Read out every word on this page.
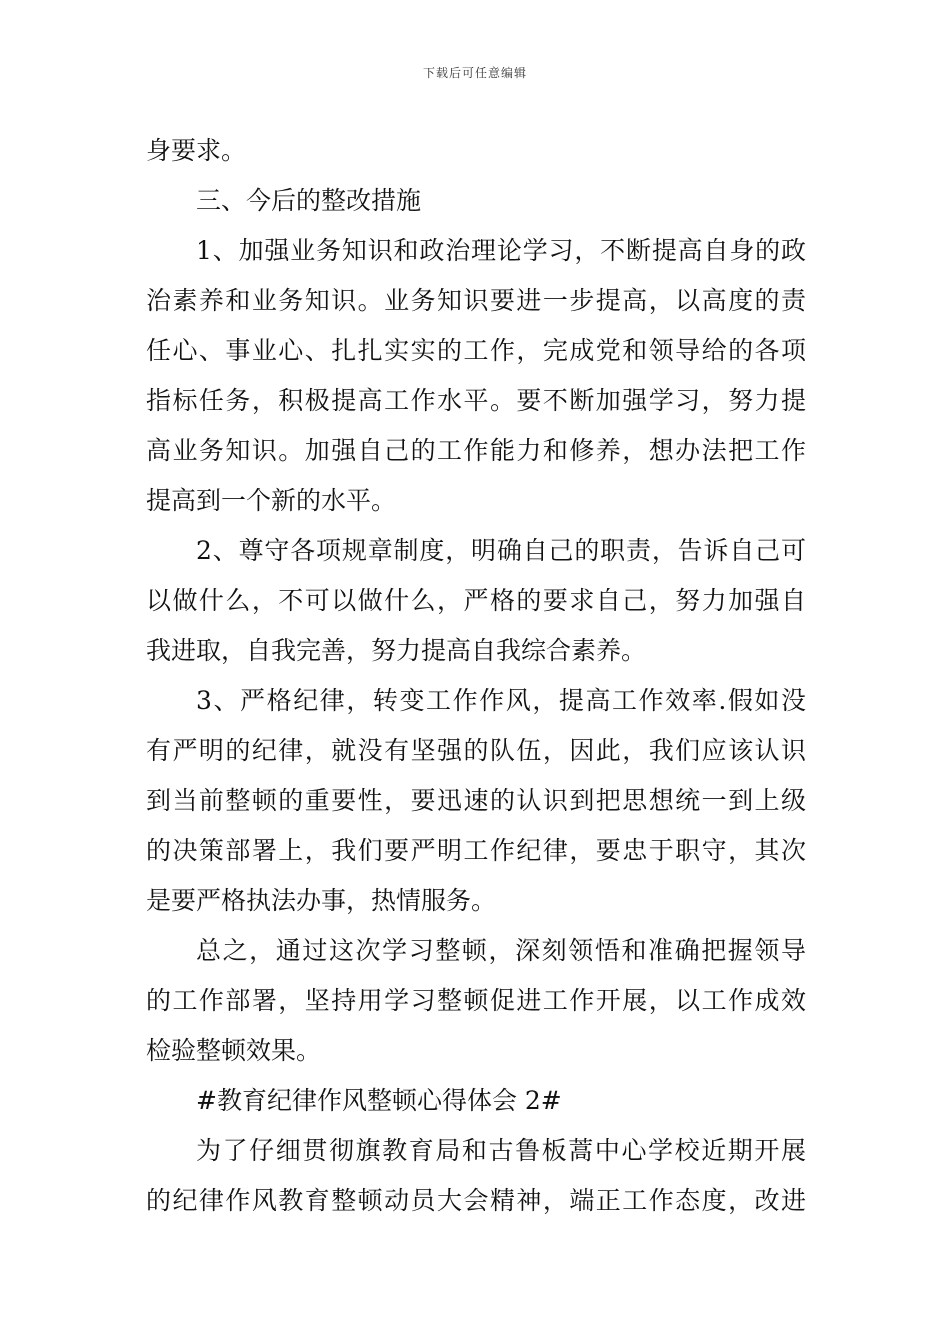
下载后可任意编辑
身要求。
三、今后的整改措施
1、加强业务知识和政治理论学习，不断提高自身的政
治素养和业务知识。业务知识要进一步提高，以高度的责
任心、事业心、扎扎实实的工作，完成党和领导给的各项
指标任务，积极提高工作水平。要不断加强学习，努力提
高业务知识。加强自己的工作能力和修养，想办法把工作
提高到一个新的水平。
2、尊守各项规章制度，明确自己的职责，告诉自己可
以做什么，不可以做什么，严格的要求自己，努力加强自
我进取，自我完善，努力提高自我综合素养。
3、严格纪律，转变工作作风，提高工作效率.假如没
有严明的纪律，就没有坚强的队伍，因此，我们应该认识
到当前整顿的重要性，要迅速的认识到把思想统一到上级
的决策部署上，我们要严明工作纪律，要忠于职守，其次
是要严格执法办事，热情服务。
总之，通过这次学习整顿，深刻领悟和准确把握领导
的工作部署，坚持用学习整顿促进工作开展，以工作成效
检验整顿效果。
#教育纪律作风整顿心得体会 2#
为了仔细贯彻旗教育局和古鲁板蒿中心学校近期开展
的纪律作风教育整顿动员大会精神，端正工作态度，改进
